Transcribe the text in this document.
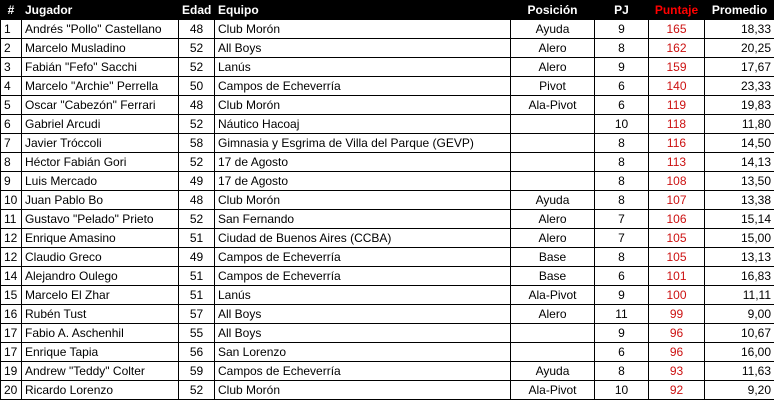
#	Jugador	Edad	Equipo	Posición	PJ	Puntaje	Promedio
1	Andrés "Pollo" Castellano	48	Club Morón	Ayuda	9	165	18,33
2	Marcelo Musladino	52	All Boys	Alero	8	162	20,25
3	Fabián "Fefo" Sacchi	52	Lanús	Alero	9	159	17,67
4	Marcelo "Archie" Perrella	50	Campos de Echeverría	Pivot	6	140	23,33
5	Oscar "Cabezón" Ferrari	48	Club Morón	Ala-Pivot	6	119	19,83
6	Gabriel Arcudi	52	Náutico Hacoaj		10	118	11,80
7	Javier Tróccoli	58	Gimnasia y Esgrima de Villa del Parque (GEVP)		8	116	14,50
8	Héctor Fabián Gori	52	17 de Agosto		8	113	14,13
9	Luis Mercado	49	17 de Agosto		8	108	13,50
10	Juan Pablo Bo	48	Club Morón	Ayuda	8	107	13,38
11	Gustavo "Pelado" Prieto	52	San Fernando	Alero	7	106	15,14
12	Enrique Amasino	51	Ciudad de Buenos Aires (CCBA)	Alero	7	105	15,00
12	Claudio Greco	49	Campos de Echeverría	Base	8	105	13,13
14	Alejandro Oulego	51	Campos de Echeverría	Base	6	101	16,83
15	Marcelo El Zhar	51	Lanús	Ala-Pivot	9	100	11,11
16	Rubén Tust	57	All Boys	Alero	11	99	9,00
17	Fabio A. Aschenhil	55	All Boys		9	96	10,67
17	Enrique Tapia	56	San Lorenzo		6	96	16,00
19	Andrew "Teddy" Colter	59	Campos de Echeverría	Ayuda	8	93	11,63
20	Ricardo Lorenzo	52	Club Morón	Ala-Pivot	10	92	9,20
